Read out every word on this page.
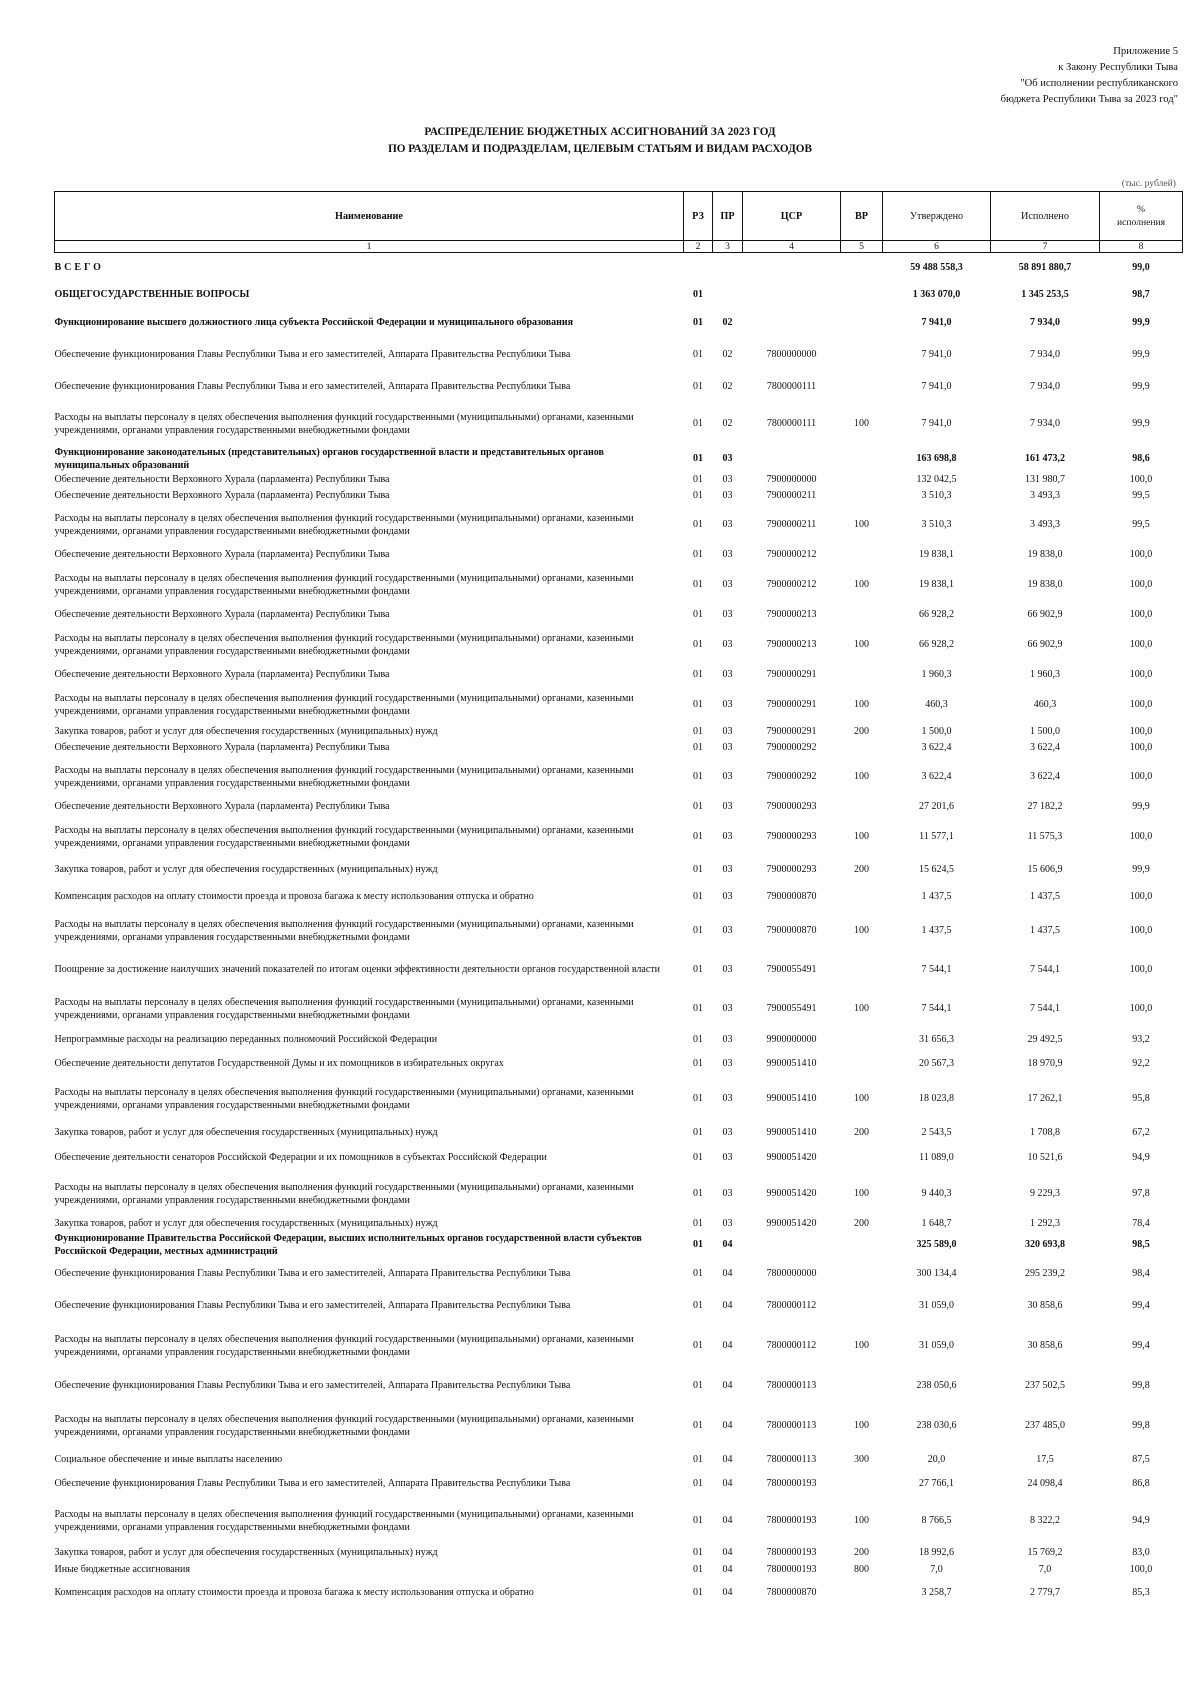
Приложение 5
к Закону Республики Тыва
"Об исполнении республиканского
бюджета Республики Тыва за 2023 год"
РАСПРЕДЕЛЕНИЕ БЮДЖЕТНЫХ АССИГНОВАНИЙ ЗА 2023 ГОД
ПО РАЗДЕЛАМ И ПОДРАЗДЕЛАМ, ЦЕЛЕВЫМ СТАТЬЯМ И ВИДАМ РАСХОДОВ
(тыс. рублей)
Наименование	РЗ	ПР	ЦСР	ВР	Утверждено	Исполнено	%
исполнения
1	2	3	4	5	6	7	8
ВСЕГО					59 488 558,3	58 891 880,7	99,0
ОБЩЕГОСУДАРСТВЕННЫЕ ВОПРОСЫ	01				1 363 070,0	1 345 253,5	98,7
Функционирование высшего должностного лица субъекта Российской Федерации и муниципального образования	01	02			7 941,0	7 934,0	99,9
Обеспечение функционирования Главы Республики Тыва и его заместителей, Аппарата Правительства Республики Тыва	01	02	7800000000		7 941,0	7 934,0	99,9
Обеспечение функционирования Главы Республики Тыва и его заместителей, Аппарата Правительства Республики Тыва	01	02	7800000111		7 941,0	7 934,0	99,9
Расходы на выплаты персоналу в целях обеспечения выполнения функций государственными (муниципальными) органами, казенными учреждениями, органами управления государственными внебюджетными фондами	01	02	7800000111	100	7 941,0	7 934,0	99,9
Функционирование законодательных (представительных) органов государственной власти и представительных органов муниципальных образований	01	03			163 698,8	161 473,2	98,6
Обеспечение деятельности Верховного Хурала (парламента) Республики Тыва	01	03	7900000000		132 042,5	131 980,7	100,0
Обеспечение деятельности Верховного Хурала (парламента) Республики Тыва	01	03	7900000211		3 510,3	3 493,3	99,5
Расходы на выплаты персоналу в целях обеспечения выполнения функций государственными (муниципальными) органами, казенными учреждениями, органами управления государственными внебюджетными фондами	01	03	7900000211	100	3 510,3	3 493,3	99,5
Обеспечение деятельности Верховного Хурала (парламента) Республики Тыва	01	03	7900000212		19 838,1	19 838,0	100,0
Расходы на выплаты персоналу в целях обеспечения выполнения функций государственными (муниципальными) органами, казенными учреждениями, органами управления государственными внебюджетными фондами	01	03	7900000212	100	19 838,1	19 838,0	100,0
Обеспечение деятельности Верховного Хурала (парламента) Республики Тыва	01	03	7900000213		66 928,2	66 902,9	100,0
Расходы на выплаты персоналу в целях обеспечения выполнения функций государственными (муниципальными) органами, казенными учреждениями, органами управления государственными внебюджетными фондами	01	03	7900000213	100	66 928,2	66 902,9	100,0
Обеспечение деятельности Верховного Хурала (парламента) Республики Тыва	01	03	7900000291		1 960,3	1 960,3	100,0
Расходы на выплаты персоналу в целях обеспечения выполнения функций государственными (муниципальными) органами, казенными учреждениями, органами управления государственными внебюджетными фондами	01	03	7900000291	100	460,3	460,3	100,0
Закупка товаров, работ и услуг для обеспечения государственных (муниципальных) нужд	01	03	7900000291	200	1 500,0	1 500,0	100,0
Обеспечение деятельности Верховного Хурала (парламента) Республики Тыва	01	03	7900000292		3 622,4	3 622,4	100,0
Расходы на выплаты персоналу в целях обеспечения выполнения функций государственными (муниципальными) органами, казенными учреждениями, органами управления государственными внебюджетными фондами	01	03	7900000292	100	3 622,4	3 622,4	100,0
Обеспечение деятельности Верховного Хурала (парламента) Республики Тыва	01	03	7900000293		27 201,6	27 182,2	99,9
Расходы на выплаты персоналу в целях обеспечения выполнения функций государственными (муниципальными) органами, казенными учреждениями, органами управления государственными внебюджетными фондами	01	03	7900000293	100	11 577,1	11 575,3	100,0
Закупка товаров, работ и услуг для обеспечения государственных (муниципальных) нужд	01	03	7900000293	200	15 624,5	15 606,9	99,9
Компенсация расходов на оплату стоимости проезда и провоза багажа к месту использования отпуска и обратно	01	03	7900000870		1 437,5	1 437,5	100,0
Расходы на выплаты персоналу в целях обеспечения выполнения функций государственными (муниципальными) органами, казенными учреждениями, органами управления государственными внебюджетными фондами	01	03	7900000870	100	1 437,5	1 437,5	100,0
Поощрение за достижение наилучших значений показателей по итогам оценки эффективности деятельности органов государственной власти	01	03	7900055491		7 544,1	7 544,1	100,0
Расходы на выплаты персоналу в целях обеспечения выполнения функций государственными (муниципальными) органами, казенными учреждениями, органами управления государственными внебюджетными фондами	01	03	7900055491	100	7 544,1	7 544,1	100,0
Непрограммные расходы на реализацию переданных полномочий Российской Федерации	01	03	9900000000		31 656,3	29 492,5	93,2
Обеспечение деятельности депутатов Государственной Думы и их помощников в избирательных округах	01	03	9900051410		20 567,3	18 970,9	92,2
Расходы на выплаты персоналу в целях обеспечения выполнения функций государственными (муниципальными) органами, казенными учреждениями, органами управления государственными внебюджетными фондами	01	03	9900051410	100	18 023,8	17 262,1	95,8
Закупка товаров, работ и услуг для обеспечения государственных (муниципальных) нужд	01	03	9900051410	200	2 543,5	1 708,8	67,2
Обеспечение деятельности сенаторов Российской Федерации и их помощников в субъектах Российской Федерации	01	03	9900051420		11 089,0	10 521,6	94,9
Расходы на выплаты персоналу в целях обеспечения выполнения функций государственными (муниципальными) органами, казенными учреждениями, органами управления государственными внебюджетными фондами	01	03	9900051420	100	9 440,3	9 229,3	97,8
Закупка товаров, работ и услуг для обеспечения государственных (муниципальных) нужд	01	03	9900051420	200	1 648,7	1 292,3	78,4
Функционирование Правительства Российской Федерации, высших исполнительных органов государственной власти субъектов Российской Федерации, местных администраций	01	04			325 589,0	320 693,8	98,5
Обеспечение функционирования Главы Республики Тыва и его заместителей, Аппарата Правительства Республики Тыва	01	04	7800000000		300 134,4	295 239,2	98,4
Обеспечение функционирования Главы Республики Тыва и его заместителей, Аппарата Правительства Республики Тыва	01	04	7800000112		31 059,0	30 858,6	99,4
Расходы на выплаты персоналу в целях обеспечения выполнения функций государственными (муниципальными) органами, казенными учреждениями, органами управления государственными внебюджетными фондами	01	04	7800000112	100	31 059,0	30 858,6	99,4
Обеспечение функционирования Главы Республики Тыва и его заместителей, Аппарата Правительства Республики Тыва	01	04	7800000113		238 050,6	237 502,5	99,8
Расходы на выплаты персоналу в целях обеспечения выполнения функций государственными (муниципальными) органами, казенными учреждениями, органами управления государственными внебюджетными фондами	01	04	7800000113	100	238 030,6	237 485,0	99,8
Социальное обеспечение и иные выплаты населению	01	04	7800000113	300	20,0	17,5	87,5
Обеспечение функционирования Главы Республики Тыва и его заместителей, Аппарата Правительства Республики Тыва	01	04	7800000193		27 766,1	24 098,4	86,8
Расходы на выплаты персоналу в целях обеспечения выполнения функций государственными (муниципальными) органами, казенными учреждениями, органами управления государственными внебюджетными фондами	01	04	7800000193	100	8 766,5	8 322,2	94,9
Закупка товаров, работ и услуг для обеспечения государственных (муниципальных) нужд	01	04	7800000193	200	18 992,6	15 769,2	83,0
Иные бюджетные ассигнования	01	04	7800000193	800	7,0	7,0	100,0
Компенсация расходов на оплату стоимости проезда и провоза багажа к месту использования отпуска и обратно	01	04	7800000870		3 258,7	2 779,7	85,3
